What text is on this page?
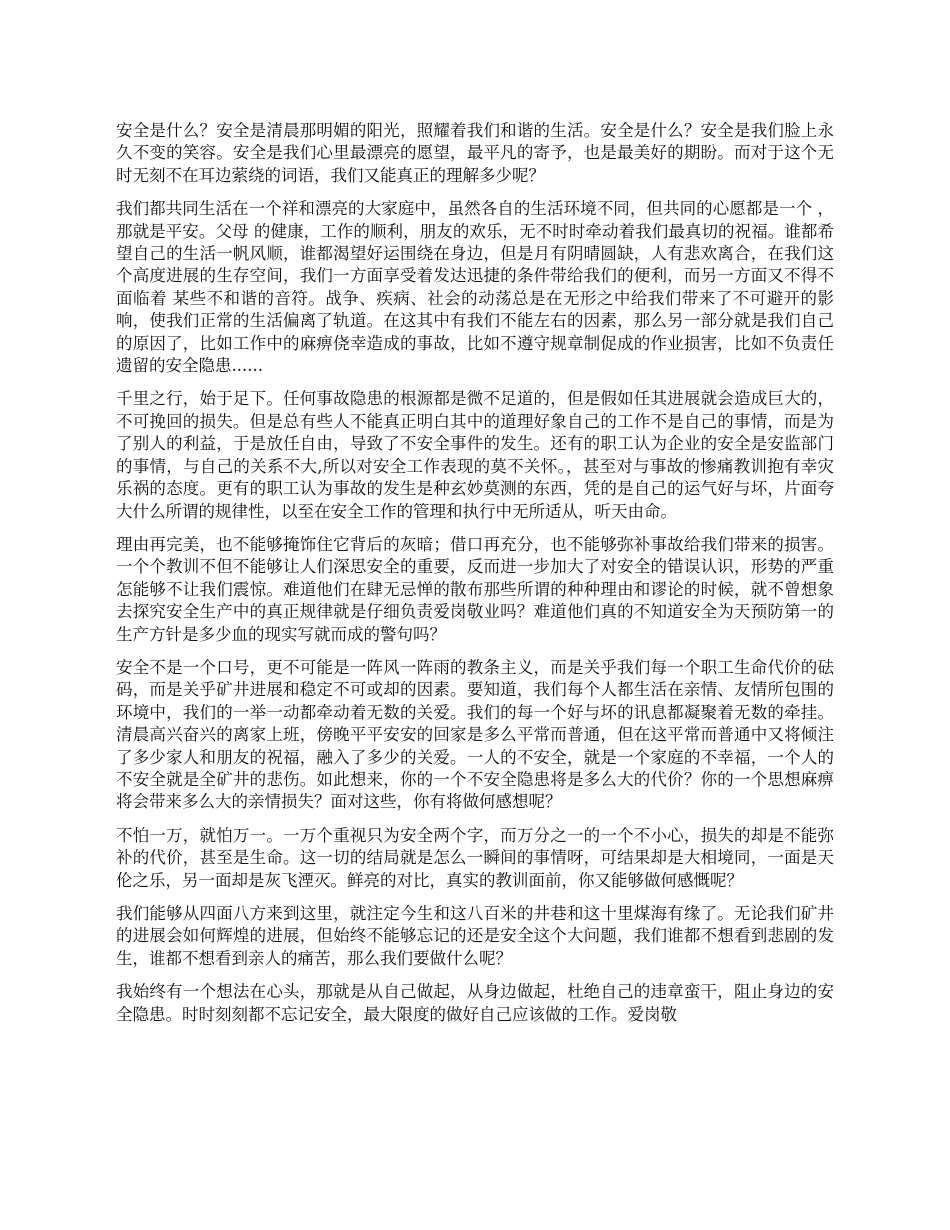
安全是什么？安全是清晨那明媚的阳光，照耀着我们和谐的生活。安全是什么？安全是我们脸上永久不变的笑容。安全是我们心里最漂亮的愿望，最平凡的寄予，也是最美好的期盼。而对于这个无时无刻不在耳边萦绕的词语，我们又能真正的理解多少呢？

我们都共同生活在一个祥和漂亮的大家庭中，虽然各自的生活环境不同，但共同的心愿都是一个 ，那就是平安。父母 的健康，工作的顺利，朋友的欢乐，无不时时牵动着我们最真切的祝福。谁都希望自己的生活一帆风顺，谁都渴望好运围绕在身边，但是月有阴晴圆缺，人有悲欢离合，在我们这个高度进展的生存空间，我们一方面享受着发达迅捷的条件带给我们的便利，而另一方面又不得不面临着 某些不和谐的音符。战争、疾病、社会的动荡总是在无形之中给我们带来了不可避开的影响，使我们正常的生活偏离了轨道。在这其中有我们不能左右的因素，那么另一部分就是我们自己的原因了，比如工作中的麻痹侥幸造成的事故，比如不遵守规章制促成的作业损害，比如不负责任遗留的安全隐患......

千里之行，始于足下。任何事故隐患的根源都是微不足道的，但是假如任其进展就会造成巨大的，不可挽回的损失。但是总有些人不能真正明白其中的道理好象自己的工作不是自己的事情，而是为了别人的利益，于是放任自由，导致了不安全事件的发生。还有的职工认为企业的安全是安监部门的事情，与自己的关系不大,所以对安全工作表现的莫不关怀。，甚至对与事故的惨痛教训抱有幸灾乐祸的态度。更有的职工认为事故的发生是种玄妙莫测的东西，凭的是自己的运气好与坏，片面夸大什么所谓的规律性，以至在安全工作的管理和执行中无所适从，听天由命。

理由再完美，也不能够掩饰住它背后的灰暗；借口再充分，也不能够弥补事故给我们带来的损害。一个个教训不但不能够让人们深思安全的重要，反而进一步加大了对安全的错误认识，形势的严重怎能够不让我们震惊。难道他们在肆无忌惮的散布那些所谓的种种理由和谬论的时候，就不曾想象去探究安全生产中的真正规律就是仔细负责爱岗敬业吗？难道他们真的不知道安全为天预防第一的生产方针是多少血的现实写就而成的警句吗？

安全不是一个口号，更不可能是一阵风一阵雨的教条主义，而是关乎我们每一个职工生命代价的砝码，而是关乎矿井进展和稳定不可或却的因素。要知道，我们每个人都生活在亲情、友情所包围的环境中，我们的一举一动都牵动着无数的关爱。我们的每一个好与坏的讯息都凝聚着无数的牵挂。清晨高兴奋兴的离家上班，傍晚平平安安的回家是多么平常而普通，但在这平常而普通中又将倾注了多少家人和朋友的祝福，融入了多少的关爱。一人的不安全，就是一个家庭的不幸福，一个人的不安全就是全矿井的悲伤。如此想来，你的一个不安全隐患将是多么大的代价？你的一个思想麻痹将会带来多么大的亲情损失？面对这些，你有将做何感想呢？

不怕一万，就怕万一。一万个重视只为安全两个字，而万分之一的一个不小心，损失的却是不能弥补的代价，甚至是生命。这一切的结局就是怎么一瞬间的事情呀，可结果却是大相境同，一面是天伦之乐，另一面却是灰飞湮灭。鲜亮的对比，真实的教训面前，你又能够做何感慨呢？

我们能够从四面八方来到这里，就注定今生和这八百米的井巷和这十里煤海有缘了。无论我们矿井的进展会如何辉煌的进展，但始终不能够忘记的还是安全这个大问题，我们谁都不想看到悲剧的发生，谁都不想看到亲人的痛苦，那么我们要做什么呢？

我始终有一个想法在心头，那就是从自己做起，从身边做起，杜绝自己的违章蛮干，阻止身边的安全隐患。时时刻刻都不忘记安全，最大限度的做好自己应该做的工作。爱岗敬
